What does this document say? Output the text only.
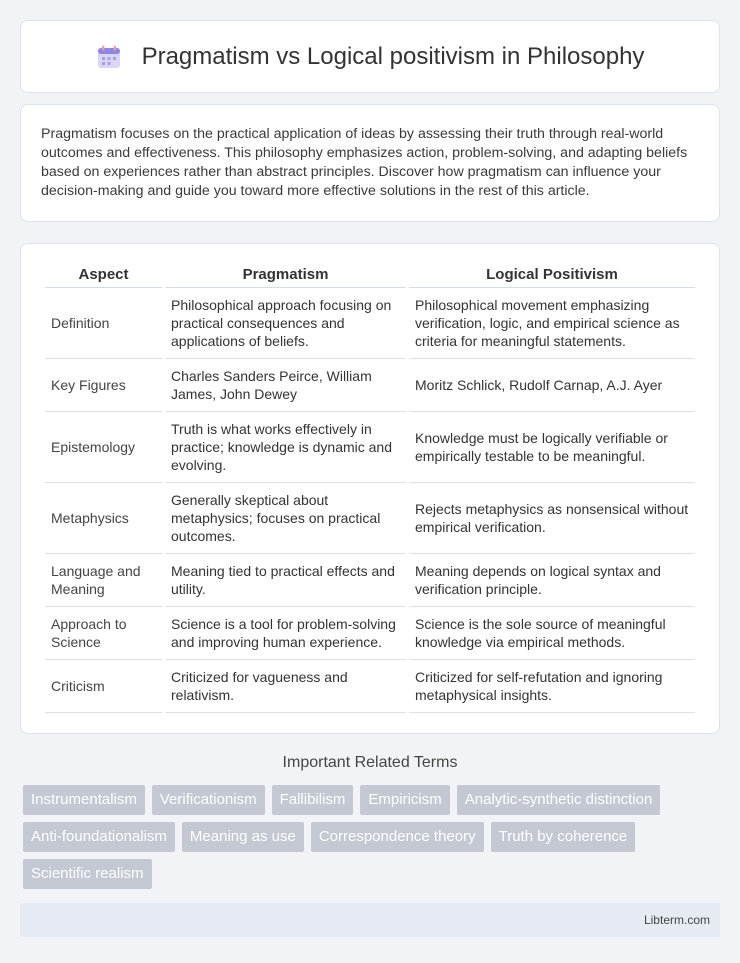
Pragmatism vs Logical positivism in Philosophy

Pragmatism focuses on the practical application of ideas by assessing their truth through real-world outcomes and effectiveness. This philosophy emphasizes action, problem-solving, and adapting beliefs based on experiences rather than abstract principles. Discover how pragmatism can influence your decision-making and guide you toward more effective solutions in the rest of this article.

Aspect	Pragmatism	Logical Positivism
Definition	Philosophical approach focusing on practical consequences and applications of beliefs.	Philosophical movement emphasizing verification, logic, and empirical science as criteria for meaningful statements.
Key Figures	Charles Sanders Peirce, William James, John Dewey	Moritz Schlick, Rudolf Carnap, A.J. Ayer
Epistemology	Truth is what works effectively in practice; knowledge is dynamic and evolving.	Knowledge must be logically verifiable or empirically testable to be meaningful.
Metaphysics	Generally skeptical about metaphysics; focuses on practical outcomes.	Rejects metaphysics as nonsensical without empirical verification.
Language and Meaning	Meaning tied to practical effects and utility.	Meaning depends on logical syntax and verification principle.
Approach to Science	Science is a tool for problem-solving and improving human experience.	Science is the sole source of meaningful knowledge via empirical methods.
Criticism	Criticized for vagueness and relativism.	Criticized for self-refutation and ignoring metaphysical insights.
Important Related Terms
Instrumentalism	Verificationism	Fallibilism	Empiricism	Analytic-synthetic distinction
Anti-foundationalism	Meaning as use	Correspondence theory	Truth by coherence
Scientific realism
Libterm.com
